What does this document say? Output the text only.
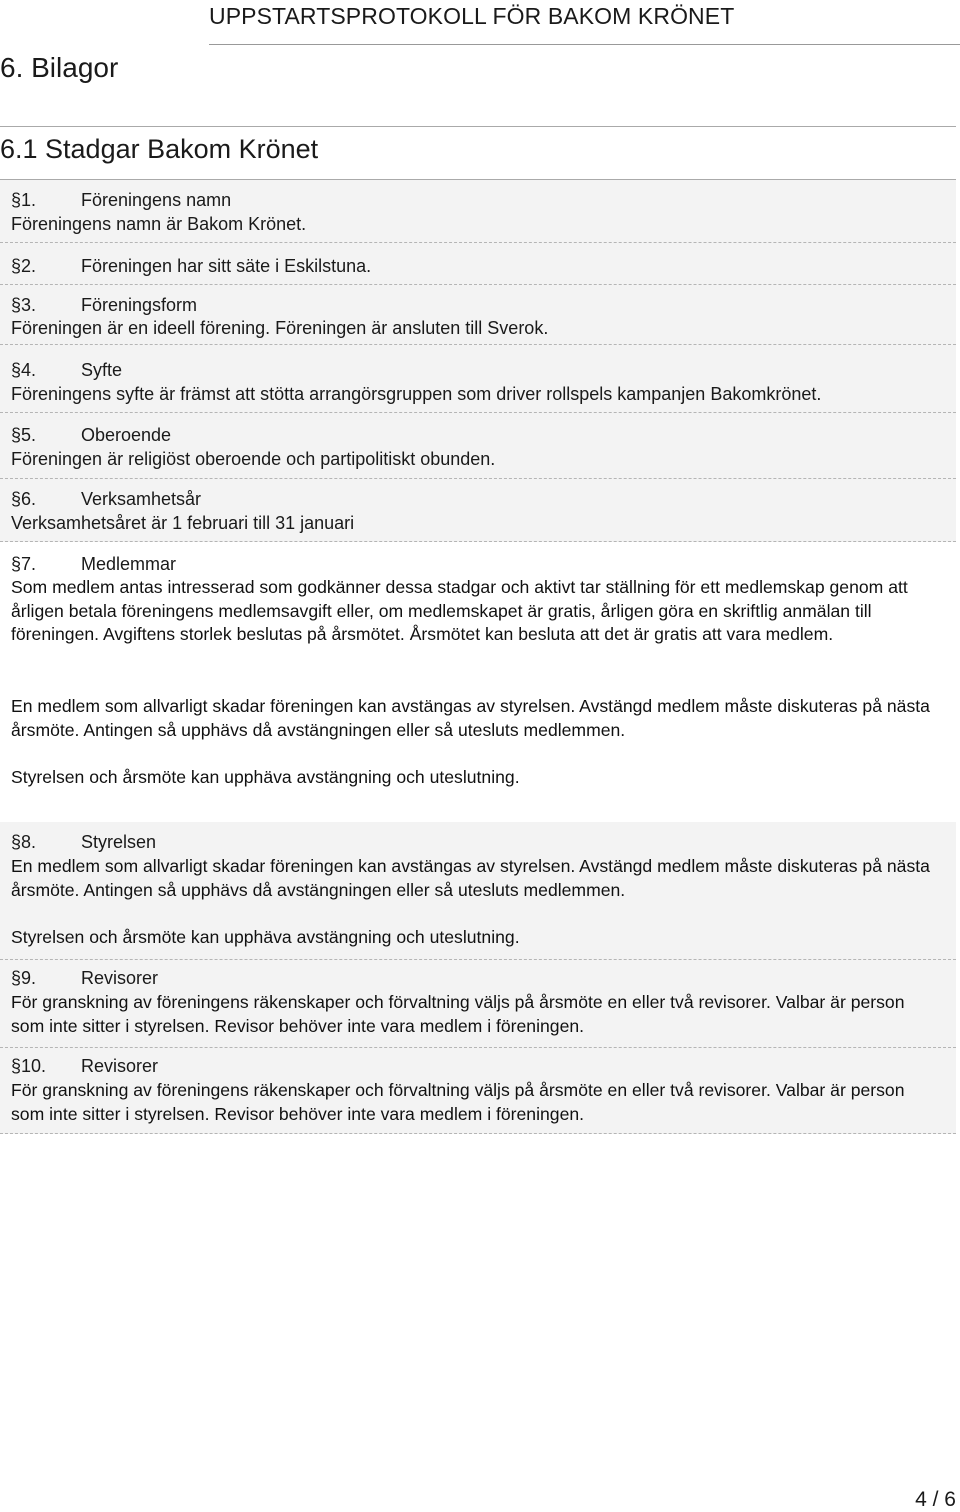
UPPSTARTSPROTOKOLL FÖR BAKOM KRÖNET
6. Bilagor
6.1 Stadgar Bakom Krönet
§1. Föreningens namn
Föreningens namn är Bakom Krönet.
§2. Föreningen har sitt säte i Eskilstuna.
§3. Föreningsform
Föreningen är en ideell förening. Föreningen är ansluten till Sverok.
§4. Syfte
Föreningens syfte är främst att stötta arrangörsgruppen som driver rollspels kampanjen Bakomkrönet.
§5. Oberoende
Föreningen är religiöst oberoende och partipolitiskt obunden.
§6. Verksamhetsår
Verksamhetsåret är 1 februari till 31 januari
§7. Medlemmar
Som medlem antas intresserad som godkänner dessa stadgar och aktivt tar ställning för ett medlemskap genom att årligen betala föreningens medlemsavgift eller, om medlemskapet är gratis, årligen göra en skriftlig anmälan till föreningen. Avgiftens storlek beslutas på årsmötet. Årsmötet kan besluta att det är gratis att vara medlem.
En medlem som allvarligt skadar föreningen kan avstängas av styrelsen. Avstängd medlem måste diskuteras på nästa årsmöte. Antingen så upphävs då avstängningen eller så utesluts medlemmen.
Styrelsen och årsmöte kan upphäva avstängning och uteslutning.
§8. Styrelsen
En medlem som allvarligt skadar föreningen kan avstängas av styrelsen. Avstängd medlem måste diskuteras på nästa årsmöte. Antingen så upphävs då avstängningen eller så utesluts medlemmen.
Styrelsen och årsmöte kan upphäva avstängning och uteslutning.
§9. Revisorer
För granskning av föreningens räkenskaper och förvaltning väljs på årsmöte en eller två revisorer. Valbar är person som inte sitter i styrelsen. Revisor behöver inte vara medlem i föreningen.
§10. Revisorer
För granskning av föreningens räkenskaper och förvaltning väljs på årsmöte en eller två revisorer. Valbar är person som inte sitter i styrelsen. Revisor behöver inte vara medlem i föreningen.
4 / 6
